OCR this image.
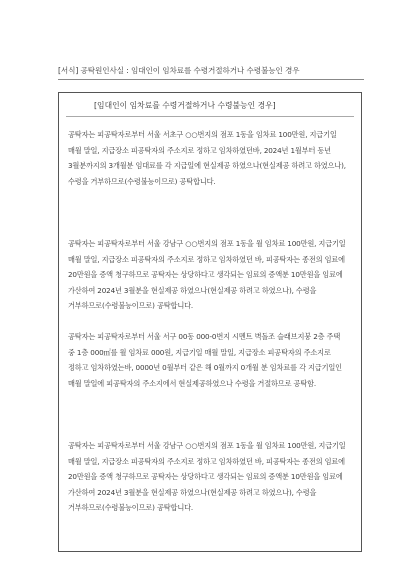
[서식] 공탁원인사실 : 임대인이 임차료를 수령거절하거나 수령불능인 경우
[임대인이 임차료를 수령거절하거나 수령불능인 경우]
공탁자는 피공탁자로부터 서울 서초구 ○○번지의 점포 1동을 임차료 100만원, 지급기일 매월 말일, 지급장소 피공탁자의 주소지로 정하고 임차하였던바, 2024년 1월부터 동년 3월분까지의 3개월분 임대료를 각 지급일에 현실제공 하였으나(현실제공 하려고 하였으나), 수령을 거부하므로(수령불능이므로) 공탁합니다.
공탁자는 피공탁자로부터 서울 강남구 ○○번지의 점포 1동을 월 임차료 100만원, 지급기일 매월 말일, 지급장소 피공탁자의 주소지로 정하고 임차하였던 바, 피공탁자는 종전의 임료에 20만원을 증액 청구하므로 공탁자는 상당하다고 생각되는 임료의 증액분 10만원을 임료에 가산하여 2024년 3월분을 현실제공 하였으나(현실제공 하려고 하였으나), 수령을 거부하므로(수령불능이므로) 공탁합니다.
공탁자는 피공탁자로부터 서울 서구 00동 000-0번지 시멘트 벽돌조 슬래브지붕 2층 주택 중 1층 000㎡를 월 임차료 000원, 지급기일 매월 말일, 지급장소 피공탁자의 주소지로 정하고 임차하였는바, 0000년 0월부터 같은 해 0월까지 0개월 분 임차료를 각 지급기일인 매월 말일에 피공탁자의 주소지에서 현실제공하였으나 수령을 거절하므로 공탁함.
공탁자는 피공탁자로부터 서울 강남구 ○○번지의 점포 1동을 월 임차료 100만원, 지급기일 매월 말일, 지급장소 피공탁자의 주소지로 정하고 임차하였던 바, 피공탁자는 종전의 임료에 20만원을 증액 청구하므로 공탁자는 상당하다고 생각되는 임료의 증액분 10만원을 임료에 가산하여 2024년 3월분을 현실제공 하였으나(현실제공 하려고 하였으나), 수령을 거부하므로(수령불능이므로) 공탁합니다.
